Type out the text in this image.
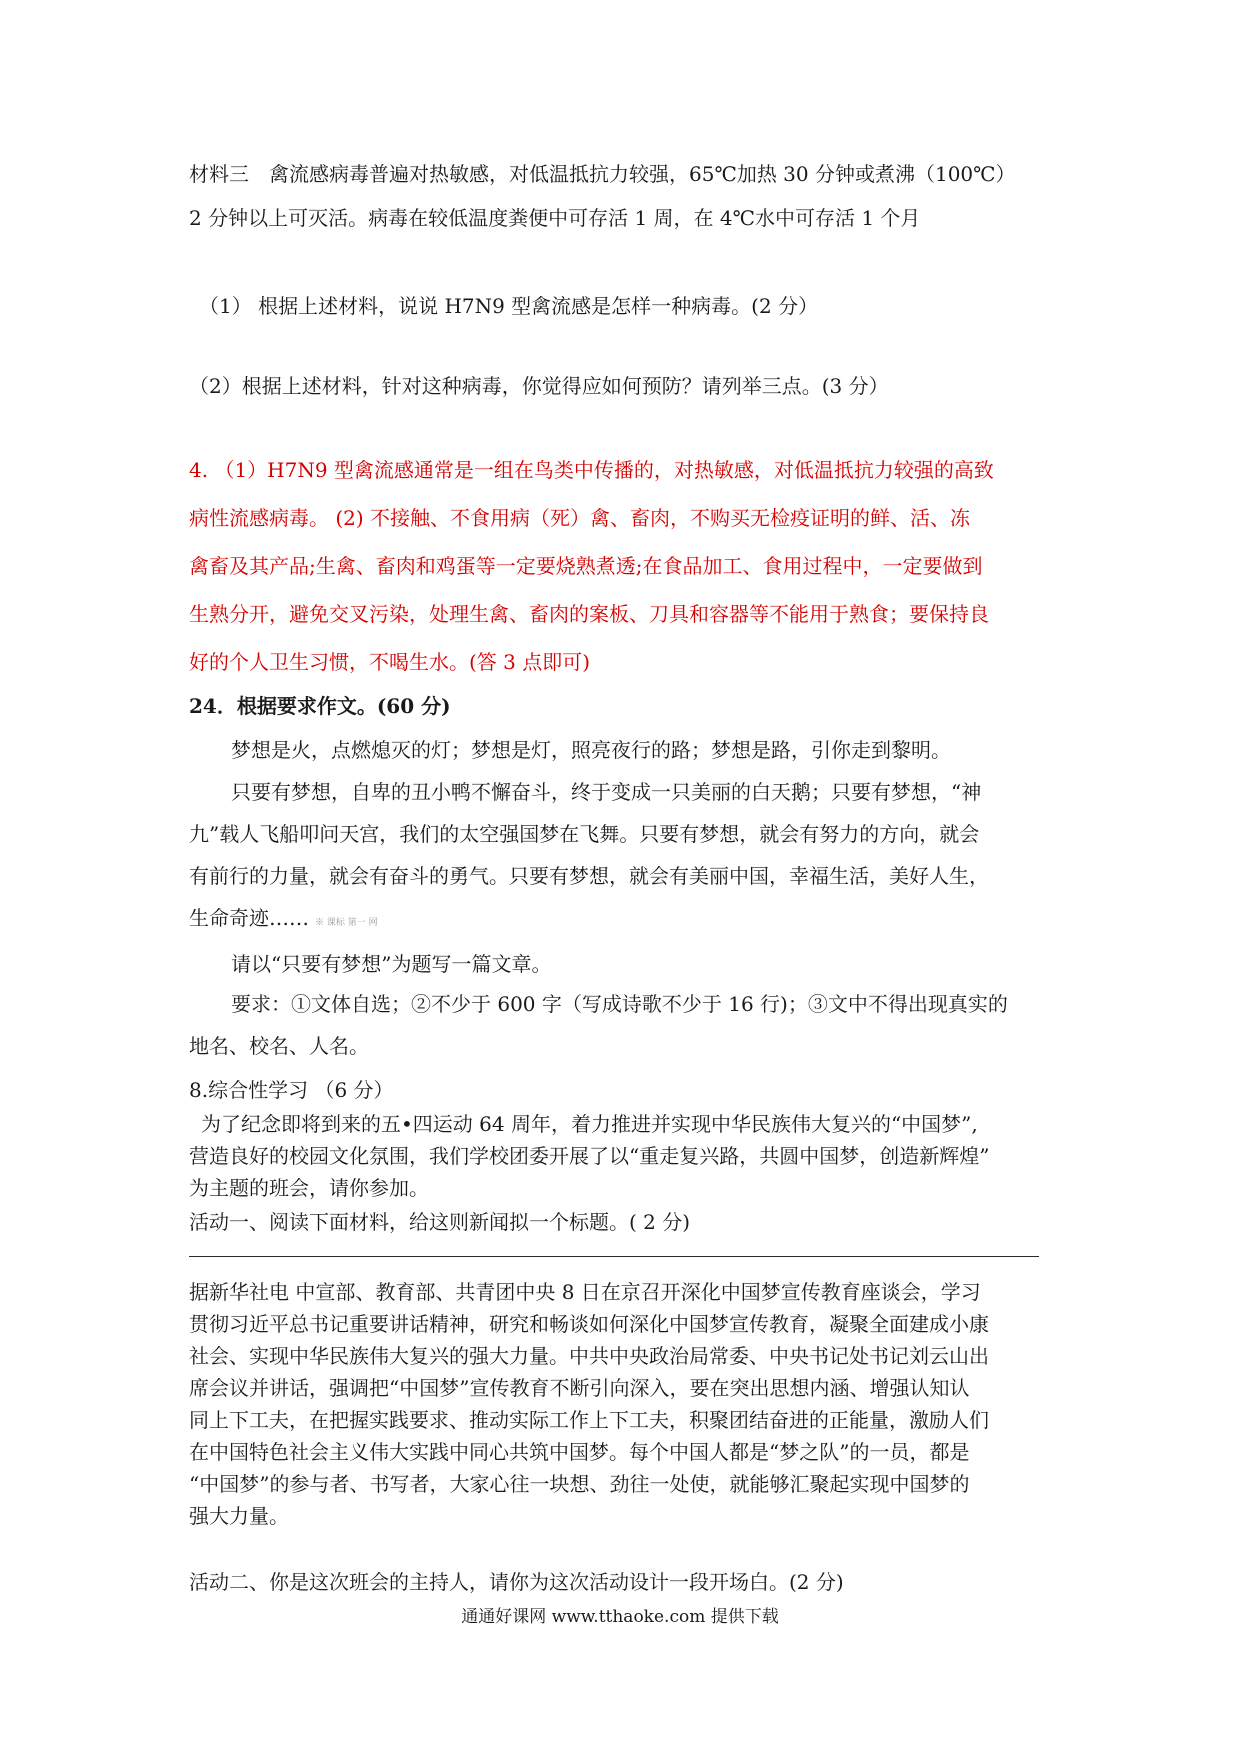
材料三　禽流感病毒普遍对热敏感，对低温抵抗力较强，65℃加热 30 分钟或煮沸（100℃）

2 分钟以上可灭活。病毒在较低温度粪便中可存活 1 周，在 4℃水中可存活 1 个月

（1） 根据上述材料，说说 H7N9 型禽流感是怎样一种病毒。(2 分）

（2）根据上述材料，针对这种病毒，你觉得应如何预防？请列举三点。(3 分）

4. （1）H7N9 型禽流感通常是一组在鸟类中传播的，对热敏感，对低温抵抗力较强的高致

病性流感病毒。 (2) 不接触、不食用病（死）禽、畜肉，不购买无检疫证明的鲜、活、冻

禽畜及其产品;生禽、畜肉和鸡蛋等一定要烧熟煮透;在食品加工、食用过程中，一定要做到

生熟分开，避免交叉污染，处理生禽、畜肉的案板、刀具和容器等不能用于熟食；要保持良

好的个人卫生习惯，不喝生水。(答 3 点即可)

24．根据要求作文。(60 分)

梦想是火，点燃熄灭的灯；梦想是灯，照亮夜行的路；梦想是路，引你走到黎明。

只要有梦想，自卑的丑小鸭不懈奋斗，终于变成一只美丽的白天鹅；只要有梦想，“神

九”载人飞船叩问天宫，我们的太空强国梦在飞舞。只要有梦想，就会有努力的方向，就会

有前行的力量，就会有奋斗的勇气。只要有梦想，就会有美丽中国，幸福生活，美好人生，

生命奇迹…… ※ 课标 第一 网

请以“只要有梦想”为题写一篇文章。

要求：①文体自选；②不少于 600 字（写成诗歌不少于 16 行)；③文中不得出现真实的

地名、校名、人名。

8.综合性学习 （6 分）

为了纪念即将到来的五•四运动 64 周年，着力推进并实现中华民族伟大复兴的“中国梦”,

营造良好的校园文化氛围，我们学校团委开展了以“重走复兴路，共圆中国梦，创造新辉煌”

为主题的班会，请你参加。

活动一、阅读下面材料，给这则新闻拟一个标题。( 2 分)

据新华社电 中宣部、教育部、共青团中央 8 日在京召开深化中国梦宣传教育座谈会，学习

贯彻习近平总书记重要讲话精神，研究和畅谈如何深化中国梦宣传教育，凝聚全面建成小康

社会、实现中华民族伟大复兴的强大力量。中共中央政治局常委、中央书记处书记刘云山出

席会议并讲话，强调把“中国梦”宣传教育不断引向深入，要在突出思想内涵、增强认知认

同上下工夫，在把握实践要求、推动实际工作上下工夫，积聚团结奋进的正能量，激励人们

在中国特色社会主义伟大实践中同心共筑中国梦。每个中国人都是“梦之队”的一员，都是

“中国梦”的参与者、书写者，大家心往一块想、劲往一处使，就能够汇聚起实现中国梦的

强大力量。

活动二、你是这次班会的主持人，请你为这次活动设计一段开场白。(2 分)

通通好课网 www.tthaoke.com 提供下载
